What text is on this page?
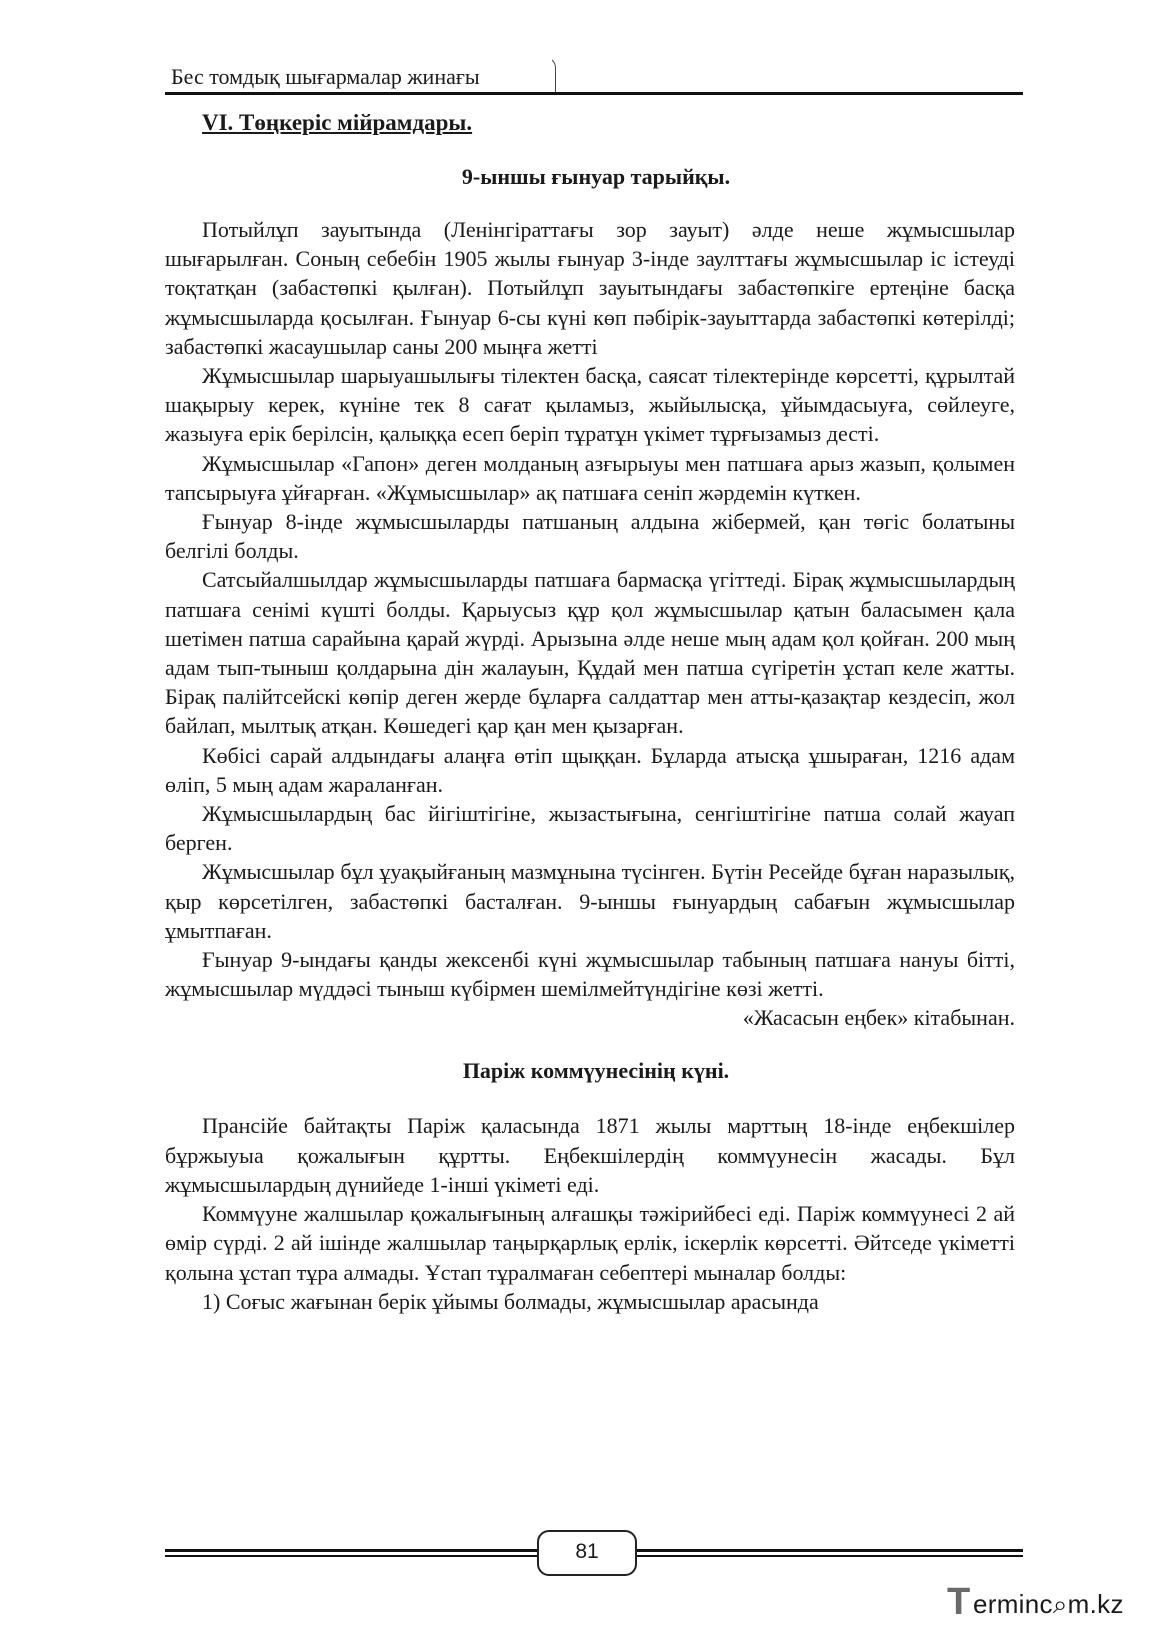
Бес томдық шығармалар жинағы

VI. Төңкеріс мійрамдары.

9-ыншы ғынуар тарыйқы.

Потыйлұп зауытында (Ленінгіраттағы зор зауыт) әлде неше жұмысшылар шығарылған. Соның себебін 1905 жылы ғынуар 3-інде заулттағы жұмысшылар іс істеуді тоқтатқан (забастөпкі қылған). Потыйлұп зауытындағы забастөпкіге ертеңіне басқа жұмысшыларда қосылған. Ғынуар 6-сы күні көп пәбірік-зауыттарда забастөпкі көтерілді; забастөпкі жасаушылар саны 200 мыңға жетті

Жұмысшылар шарыуашылығы тілектен басқа, саясат тілектерінде көрсетті, құрылтай шақырыу керек, күніне тек 8 сағат қыламыз, жыйылысқа, ұйымдасыуға, сөйлеуге, жазыуға ерік берілсін, қалыққа есеп беріп тұратұн үкімет тұрғызамыз десті.

Жұмысшылар «Гапон» деген молданың азғырыуы мен патшаға арыз жазып, қолымен тапсырыуға ұйғарған. «Жұмысшылар» ақ патшаға сеніп жәрдемін күткен.

Ғынуар 8-інде жұмысшыларды патшаның алдына жібермей, қан төгіс болатыны белгілі болды.

Сатсыйалшылдар жұмысшыларды патшаға бармасқа үгіттеді. Бірақ жұмысшылардың патшаға сенімі күшті болды. Қарыусыз құр қол жұмысшылар қатын баласымен қала шетімен патша сарайына қарай жүрді. Арызына әлде неше мың адам қол қойған. 200 мың адам тып-тыныш қолдарына дін жалауын, Құдай мен патша сүгіретін ұстап келе жатты. Бірақ палійтсейскі көпір деген жерде бұларға салдаттар мен атты-қазақтар кездесіп, жол байлап, мылтық атқан. Көшедегі қар қан мен қызарған.

Көбісі сарай алдындағы алаңға өтіп щыққан. Бұларда атысқа ұшыраған, 1216 адам өліп, 5 мың адам жараланған.

Жұмысшылардың бас йігіштігіне, жызастығына, сенгіштігіне патша солай жауап берген.

Жұмысшылар бұл ұуақыйғаның мазмұнына түсінген. Бүтін Ресейде бұған наразылық, қыр көрсетілген, забастөпкі басталған. 9-ыншы ғынуардың сабағын жұмысшылар ұмытпаған.

Ғынуар 9-ындағы қанды жексенбі күні жұмысшылар табының патшаға нануы бітті, жұмысшылар мүддәсі тыныш күбірмен шемілмейтүндігіне көзі жетті.

«Жасасын еңбек» кітабынан.

Паріж коммүунесінің күні.

Прансійе байтақты Паріж қаласында 1871 жылы марттың 18-інде еңбекшілер бұржыуыа қожалығын құртты. Еңбекшілердің коммүунесін жасады. Бұл жұмысшылардың дүнийеде 1-інші үкіметі еді.

Коммүуне жалшылар қожалығының алғашқы тәжірийбесі еді. Паріж коммүунесі 2 ай өмір сүрді. 2 ай ішінде жалшылар таңырқарлық ерлік, іскерлік көрсетті. Әйтседе үкіметті қолына ұстап тұра алмады. Ұстап тұралмаған себептері мыналар болды:

1) Соғыс жағынан берік ұйымы болмады, жұмысшылар арасында

81
T erminc⌕m.kz
